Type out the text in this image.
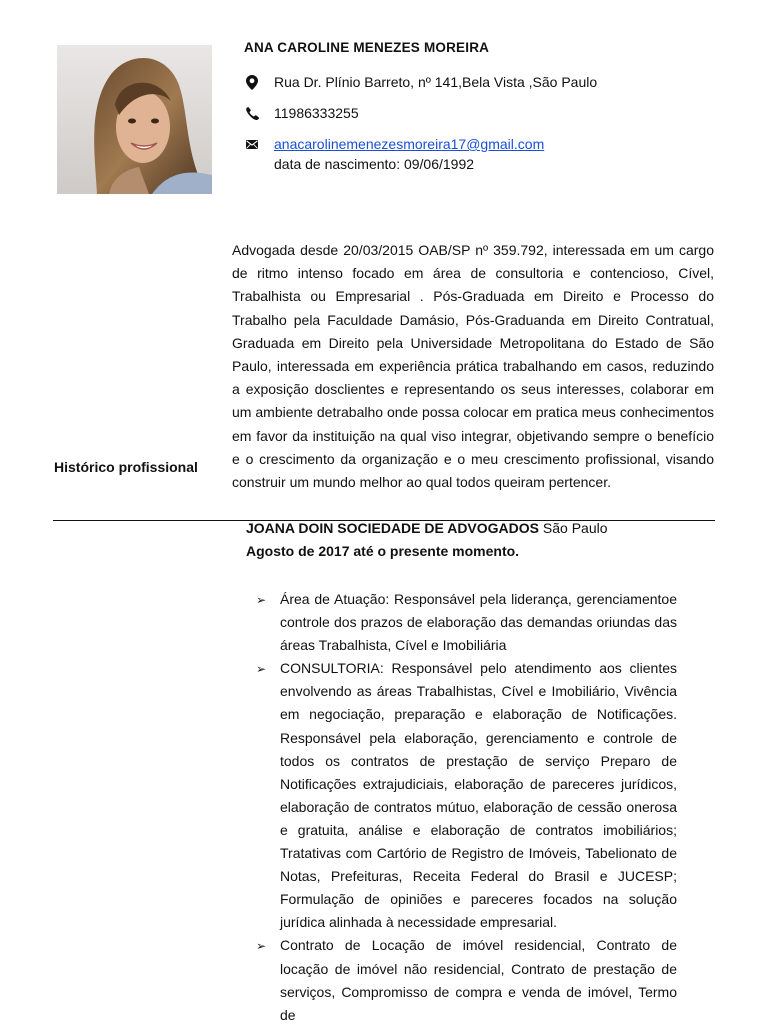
ANA CAROLINE MENEZES MOREIRA
Rua Dr. Plínio Barreto, nº 141,Bela Vista ,São Paulo
11986333255
anacarolinemenezesmoreira17@gmail.com
data de nascimento: 09/06/1992
Advogada desde 20/03/2015 OAB/SP nº 359.792, interessada em um cargo de ritmo intenso focado em área de consultoria e contencioso, Cível, Trabalhista ou Empresarial . Pós-Graduada em Direito e Processo do Trabalho pela Faculdade Damásio, Pós-Graduanda em Direito Contratual, Graduada em Direito pela Universidade Metropolitana do Estado de São Paulo, interessada em experiência prática trabalhando em casos, reduzindo a exposição dosclientes e representando os seus interesses, colaborar em um ambiente detrabalho onde possa colocar em pratica meus conhecimentos em favor da instituição na qual viso integrar, objetivando sempre o benefício e o crescimento da organização e o meu crescimento profissional, visando construir um mundo melhor ao qual todos queiram pertencer.
Histórico profissional
JOANA DOIN SOCIEDADE DE ADVOGADOS São Paulo
Agosto de 2017 até o presente momento.
➢ Área de Atuação: Responsável pela liderança, gerenciamentoe controle dos prazos de elaboração das demandas oriundas das áreas Trabalhista, Cível e Imobiliária
➢ CONSULTORIA: Responsável pelo atendimento aos clientes envolvendo as áreas Trabalhistas, Cível e Imobiliário, Vivência em negociação, preparação e elaboração de Notificações. Responsável pela elaboração, gerenciamento e controle de todos os contratos de prestação de serviço Preparo de Notificações extrajudiciais, elaboração de pareceres jurídicos, elaboração de contratos mútuo, elaboração de cessão onerosa e gratuita, análise e elaboração de contratos imobiliários; Tratativas com Cartório de Registro de Imóveis, Tabelionato de Notas, Prefeituras, Receita Federal do Brasil e JUCESP; Formulação de opiniões e pareceres focados na solução jurídica alinhada à necessidade empresarial.
➢ Contrato de Locação de imóvel residencial, Contrato de locação de imóvel não residencial, Contrato de prestação de serviços, Compromisso de compra e venda de imóvel, Termo de
